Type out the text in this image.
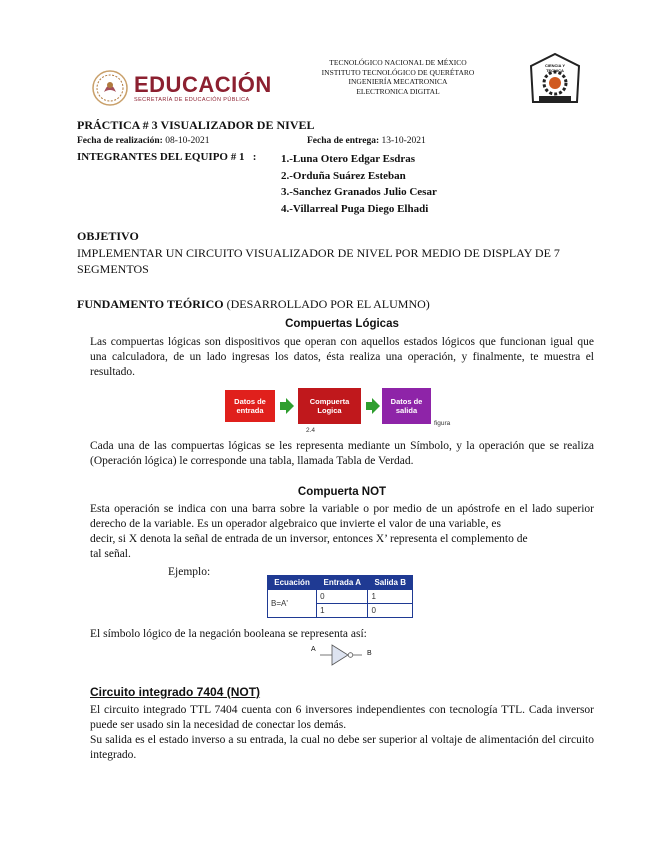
EDUCACIÓN
SECRETARÍA DE EDUCACIÓN PÚBLICA
TECNOLÓGICO NACIONAL DE MÉXICO
INSTITUTO TECNOLÓGICO DE QUERÉTARO
INGENIERÍA MECATRONICA
ELECTRONICA DIGITAL
CIENCIA Y TECNICA
PRÁCTICA # 3 VISUALIZADOR DE NIVEL
Fecha de realización: 08-10-2021	Fecha de entrega: 13-10-2021
INTEGRANTES DEL EQUIPO # 1   : 1.-Luna Otero Edgar Esdras
2.-Orduña Suárez Esteban
3.-Sanchez Granados Julio Cesar
4.-Villarreal Puga Diego Elhadi
OBJETIVO
IMPLEMENTAR UN CIRCUITO VISUALIZADOR DE NIVEL POR MEDIO DE DISPLAY DE 7 SEGMENTOS
FUNDAMENTO TEÓRICO (DESARROLLADO POR EL ALUMNO)
Compuertas Lógicas
Las compuertas lógicas son dispositivos que operan con aquellos estados lógicos que funcionan igual que una calculadora, de un lado ingresas los datos, ésta realiza una operación, y finalmente, te muestra el resultado.
Datos de entrada
Compuerta Logica
Datos de salida
figura
2.4
Cada una de las compuertas lógicas se les representa mediante un Símbolo, y la operación que se realiza (Operación lógica) le corresponde una tabla, llamada Tabla de Verdad.
Compuerta NOT
Esta operación se indica con una barra sobre la variable o por medio de un apóstrofe en el lado superior derecho de la variable. Es un operador algebraico que invierte el valor de una variable, es
decir, si X denota la señal de entrada de un inversor, entonces X’ representa el complemento de
tal señal.
Ejemplo:
Ecuación	Entrada A	Salida B
B=A'	0	1
	1	0
El símbolo lógico de la negación booleana se representa así:
A
B
Circuito integrado 7404 (NOT)
El circuito integrado TTL 7404 cuenta con 6 inversores independientes con tecnología TTL. Cada inversor puede ser usado sin la necesidad de conectar los demás.
Su salida es el estado inverso a su entrada, la cual no debe ser superior al voltaje de alimentación del circuito integrado.
